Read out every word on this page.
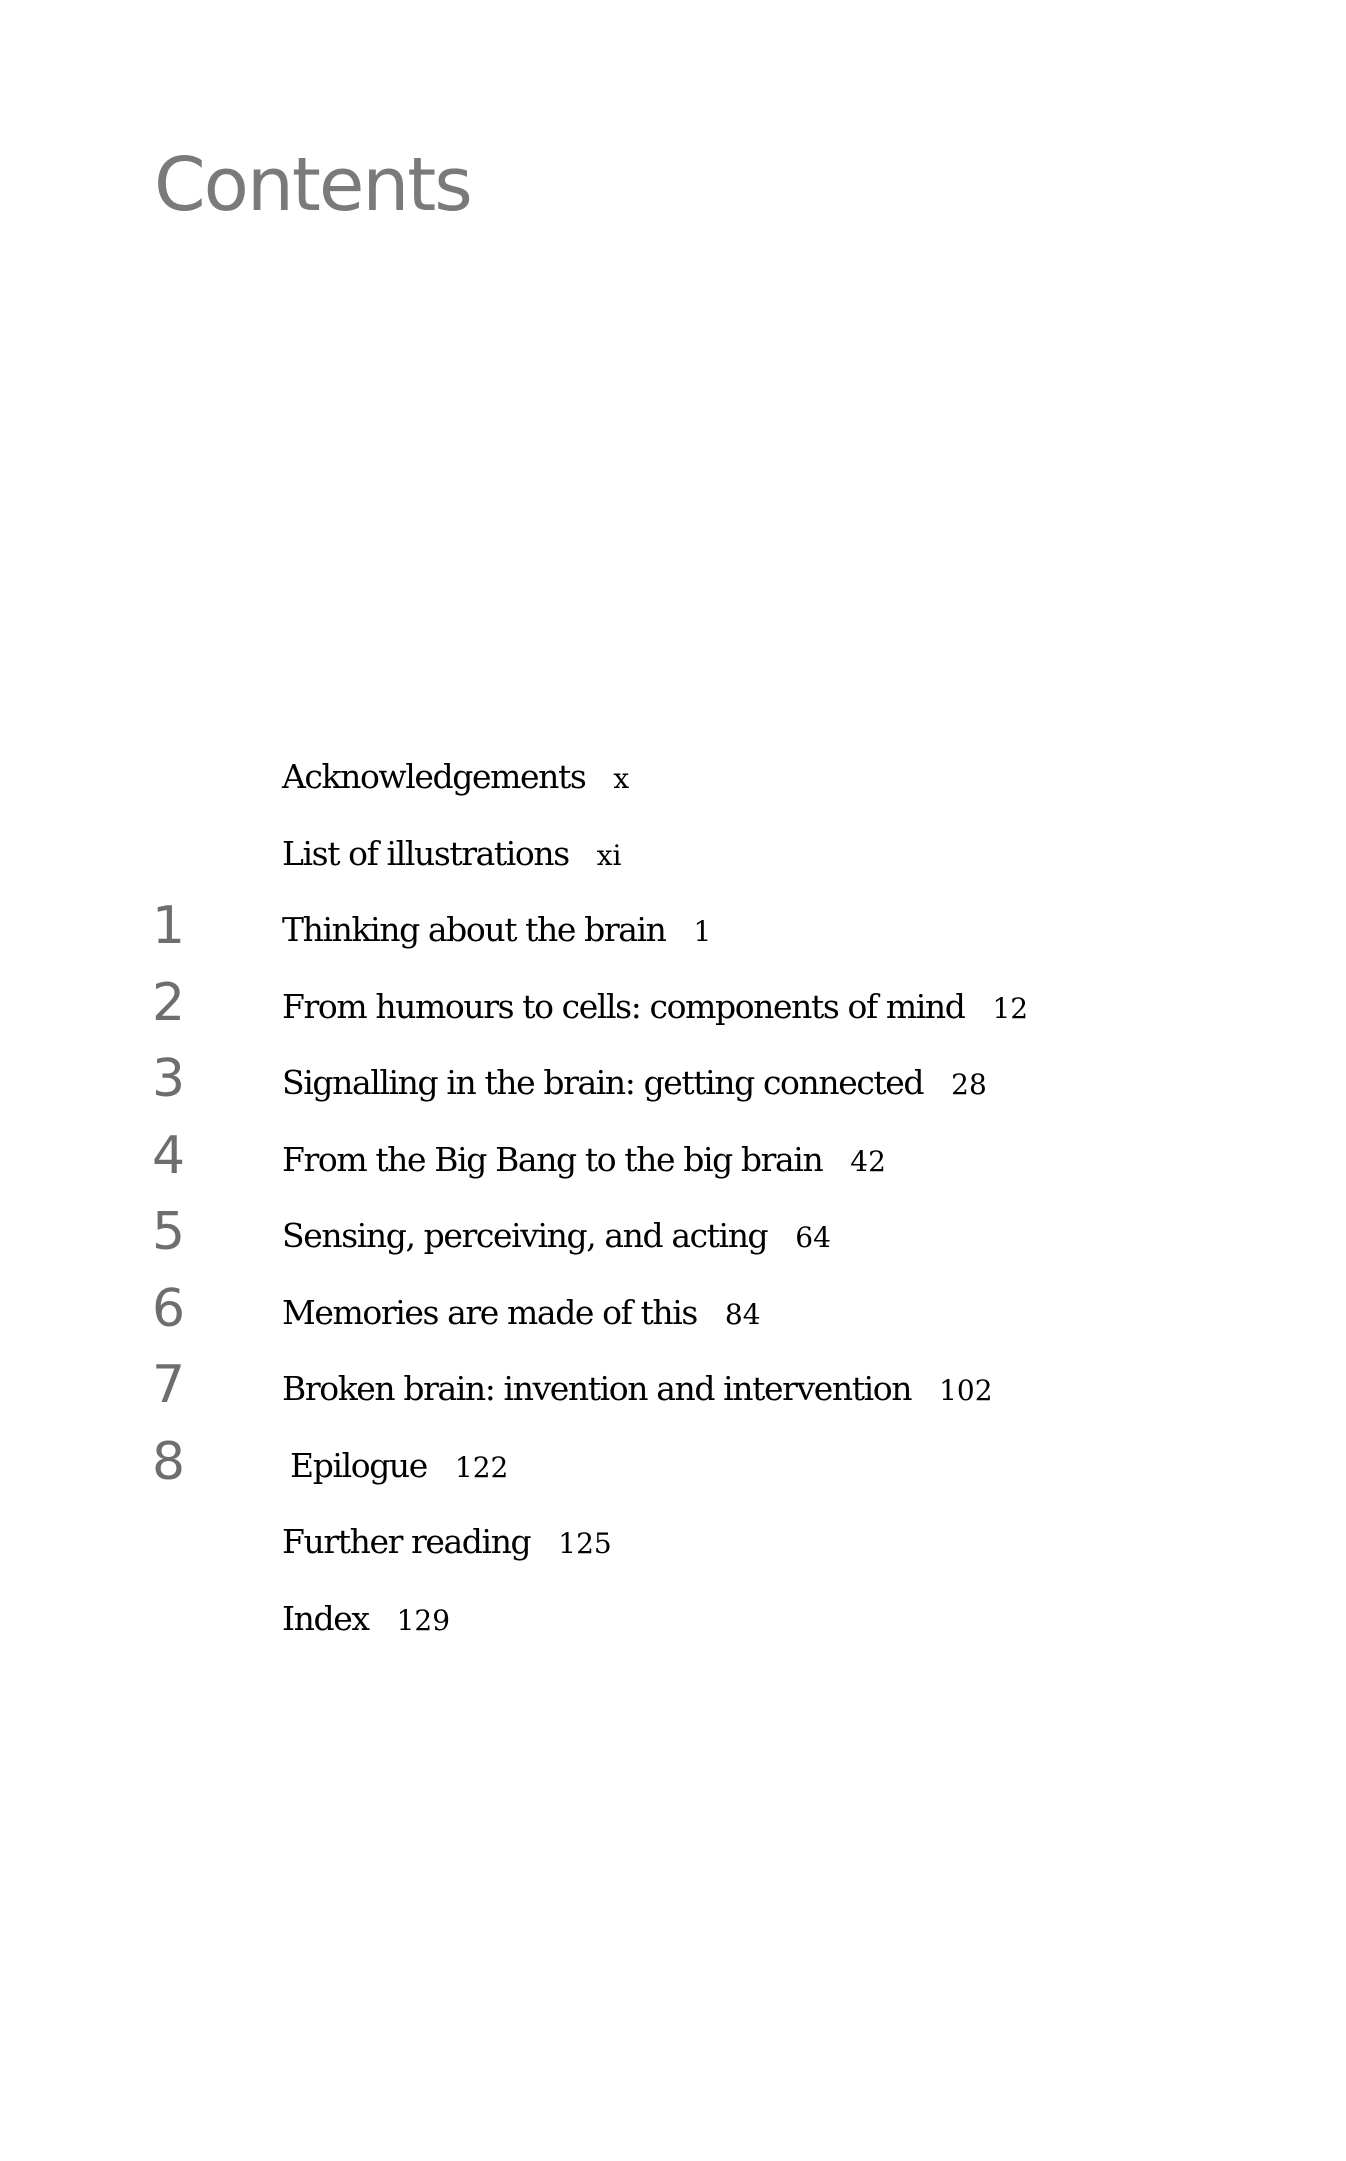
Contents
Acknowledgements x
List of illustrations xi
1	Thinking about the brain 1
2	From humours to cells: components of mind 12
3	Signalling in the brain: getting connected 28
4	From the Big Bang to the big brain 42
5	Sensing, perceiving, and acting 64
6	Memories are made of this 84
7	Broken brain: invention and intervention 102
8	Epilogue 122
Further reading 125
Index 129
